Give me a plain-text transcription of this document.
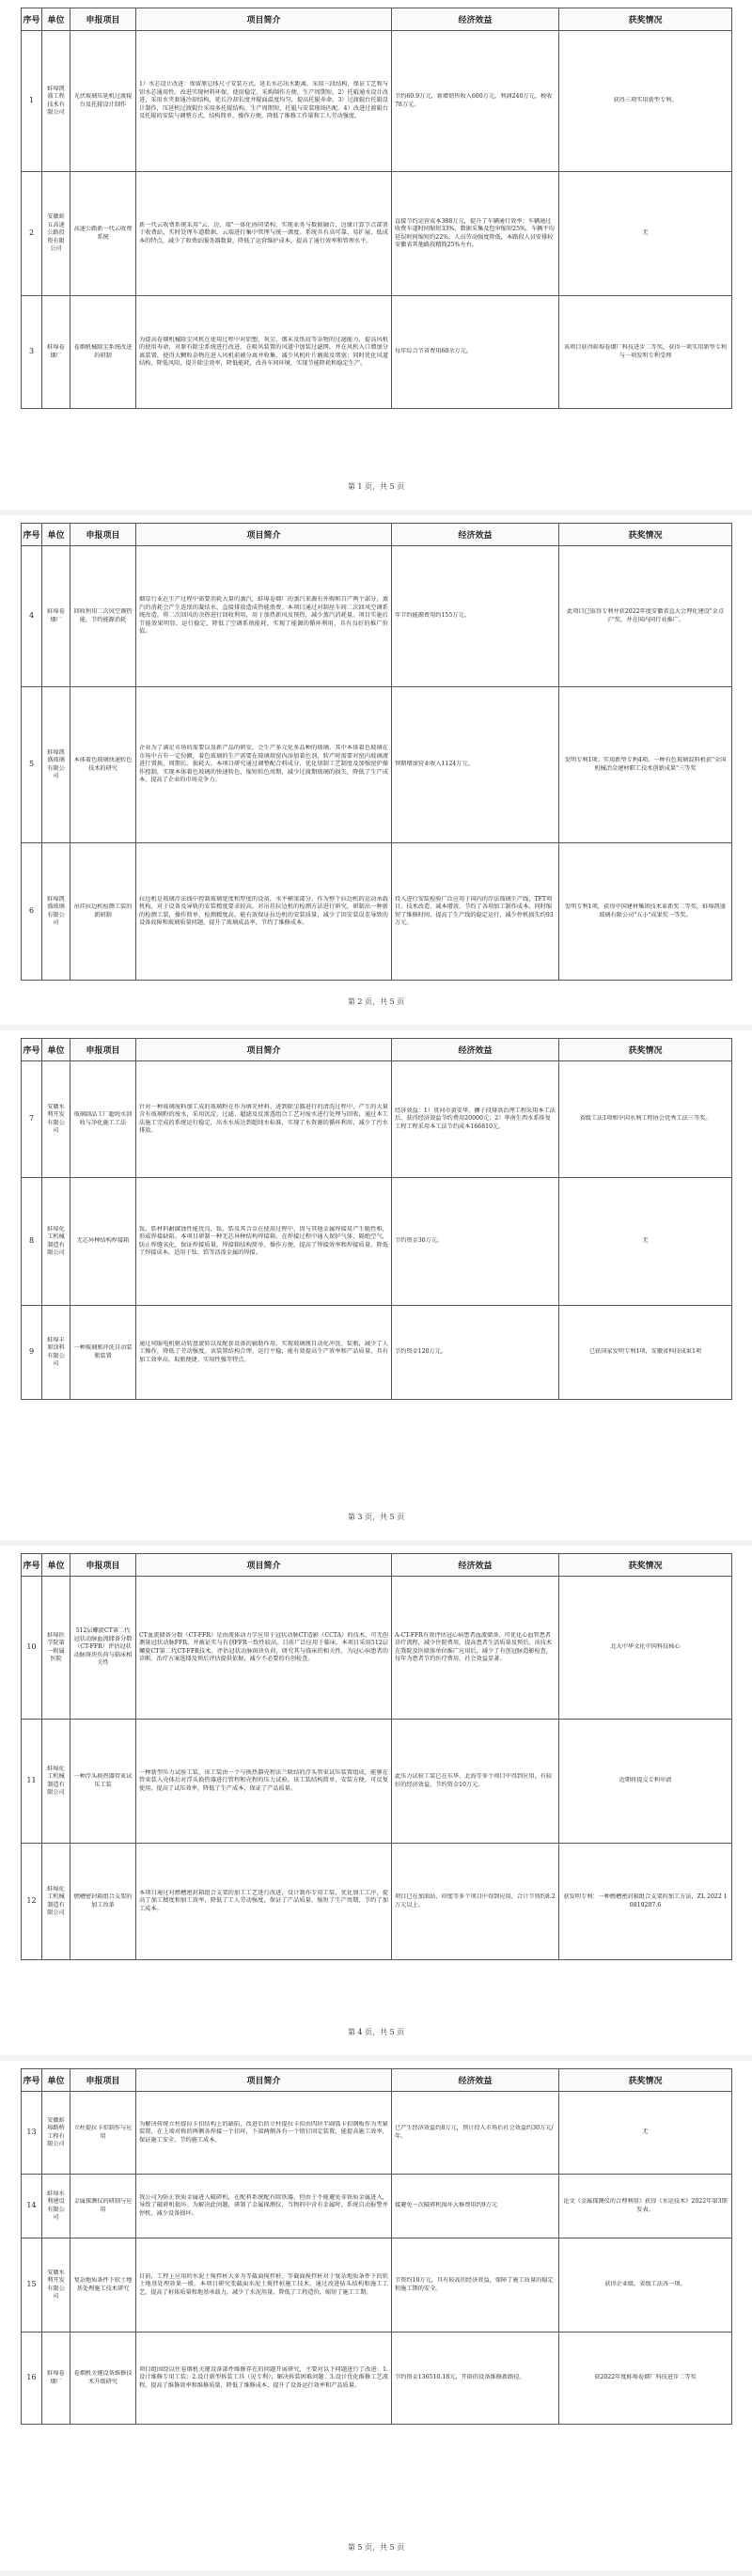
序号	单位	申报项目	项目简介	经济效益	获奖情况

1	蚌埠凯盛工程技术有限公司	光伏玻璃压延机过渡辊台及托辊设计制作	1）水芯设计改进：保留原总体尺寸安装方式，延长水芯出水距离，采用三段结构，保证工艺和与铝水芯通用性。改进实现材料环保、使用稳定、采购制作方便，生产周期短。2）托辊通水设计改进，采用水夹套通冷却结构，延长冷却长度并辊面温度均匀，提高托辊寿命。3）过渡辊台托辊设计制作，压延机过渡辊台采用多托辊结构，生产周期短，托辊与安装现场匹配。4）改进过渡辊台及托辊的安装与调整方式，结构简单，操作方便，降低了维修工作量和工人劳动强度。	节约60.9万元，新增销售收入600万元，利润240万元，税收78万元。	获得三项实用新型专利。

2	安徽蚌五高速公路投资有限公司	高速公路新一代云收费系统	新一代云收费系统采用"云、边、端"一体化协同架构，实现业务与数据融合，边缘计算节点部署于收费站，实时处理车道数据，云端进行集中管理与统一调度。系统具有高可靠、易扩展、低成本的特点，减少了收费站服务器数量，降低了运营维护成本，提高了通行效率和管理水平。	直接节约运营成本388万元，提升了车辆通行效率；车辆通过收费车道时间缩短33%，数据采集及包审缩短25%，车辆平均延误时间缩短约22%，人员劳动强度降低，本路段人员安排较安徽省其他路段精简25%左右。	无

3	蚌埠卷烟厂	卷烟机械除尘系统改进的研制	为提高卷烟机械除尘风机在使用过程中对铝塑、灰尘、烟末及纸屑等杂物的过滤能力，提高风机的使用寿命，对原有除尘系统进行改进。在吸风装置的风道中加装过滤网，并在风机入口增加分离装置，使得大颗粒杂物在进入风机前被分离并收集，减少风机叶片磨损及堵塞；同时优化风道结构，降低风阻，提升除尘效率，降低能耗，改善车间环境，实现节能降耗和稳定生产。	每年综合节省费用60余万元。	该项目获得蚌埠卷烟厂科技进步二等奖，获得一项实用新型专利与一项发明专利受理
第 1 页，共 5 页
序号	单位	申报项目	项目简介	经济效益	获奖情况

4	蚌埠卷烟厂	回收利用二次风空调热能，节约能源消耗	烟草行业在生产过程中需要消耗大量的蒸汽，蚌埠卷烟厂的蒸汽来源有外购和自产两个部分，蒸汽的消耗会产生连续的凝结水，直接排放造成热能浪费。本项目通过对制丝车间二次回风空调系统改造，将二次回风的余热进行回收利用，用于加热新风及预热，减少蒸汽消耗量。项目实施后节能效果明显，运行稳定，降低了空调系统能耗，实现了能源的循环利用，具有良好的推广价值。	年节约能源费用约155万元。	此项目已取得专利并获2022年度安徽省直大会理化建设"金点子"奖，并在国内同行业推广。

5	蚌埠凯盛玻璃有限公司	本体着色玻璃快速转色技术的研究	企业为了满足市场的需要以及新产品的研发，会生产多元化多品种的玻璃。其中本体着色玻璃在市场中占有一定份额，着色玻璃的生产需要在玻璃熔窑内添加着色剂，转产时需要对窑内玻璃液进行置换，周期长、损耗大。本项目研究通过调整配合料成分、优化熔制工艺制度及加强窑炉操作控制，实现本体着色玻璃的快速转色，缩短转色周期，减少过渡期玻璃的损失，降低了生产成本，提高了企业的市场竞争力。	预期增加营业收入1124万元。	发明专利1项；实用新型专利4项。一种有色玻璃混料机获"全国机械冶金建材职工技术创新成果"三等奖

6	蚌埠凯盛玻璃有限公司	吊挂拉边机检测工装的新研制	拉边机是玻璃浮法线中控制玻璃宽度和厚度的设备，水平横梁部分，作为整个拉边机的运动承载机构，对于设备及导轨的安装精度要求较高。对吊挂拉边机的检测方法进行研究，研制出一种新的检测工装，操作简单，检测精度高，能有效保证拉边机的安装质量，减少了因安装误差导致的设备故障和玻璃质量问题，提升了玻璃成品率，节约了维修成本。	投入进行安装检验广泛应用于国内的浮法玻璃生产线，TFT项目、技术改造、减本增效、节约了各项加工制作成本，同时缩短了维修时间，提高了生产线的稳定运行，减少停机损失约93万元。	发明专利1项，获得中国建材集团技术革新奖二等奖，蚌埠凯盛玻璃有限公司"五小"成果奖一等奖。
第 2 页，共 5 页
序号	单位	申报项目	项目简介	经济效益	获奖情况

7	安徽水利开发有限公司	玻璃制品工厂超纯水回收与净化施工工法	针对一种玻璃废料加工成的玻璃粉在作为填充材料、进到除尘器进行的清洗过程中，产生的大量含有玻璃粉的废水，采用沉淀、过滤、超滤及反渗透组合工艺对废水进行处理与回收，通过本工法施工完成的系统运行稳定，出水水质达到超纯水标准，实现了水资源的循环利用，减少了污水排放。	经济效益：1）贯河市黄安华、狮子段排洪治理工程采用本工法后，获得经济效益节约费用20000元；2）华南生西水系排复工程工程采用本工法节约成本166810元。	省级工法1项和中国水利工程协会优秀工法三等奖。

8	蚌埠化工机械制造有限公司	无芯异种结构焊接箱	钛、锆材料耐腐蚀性能优良，钛、锆及其合金在使用过程中，因与其他金属焊接易产生脆性相，形成焊接缺陷。本项目研制一种无芯异种结构焊接箱，在焊接过程中通入保护气体，隔绝空气，防止焊缝氧化，保证焊接质量。焊接箱结构简单、操作方便，提高了焊接效率和焊接质量，降低了焊接成本，适用于钛、锆等活泼金属的焊接。	节约资金30万元。	无

9	蚌埠丰原涂料有限公司	一种玻璃瓶冲洗自动装瓶装置	通过伺服电机驱动转盘旋转以及配套设备的辅助作用，实现玻璃瓶自动化冲洗、装瓶，减少了人工操作，降低了劳动强度。该装置结构合理、运行平稳，能有效提高生产效率和产品质量，具有加工效率高、取瓶便捷、实用性强等特点。	节约资金120万元。	已获国家发明专利1项，安徽省科技成果1项
第 3 页，共 5 页
序号	单位	申报项目	项目简介	经济效益	获奖情况

10	蚌埠医学院第一附属医院	512层螺旋CT第二代冠状动脉血流储备分数（CT-FFR）评估冠状动脉斑块负荷与临床相关性	CT血流储备分数（CT-FFR）是由流体动力学应用于冠状动脉CT造影（CCTA）的技术，可无创测量冠状动脉FFR，并被证实与有创FFR一致性较高。目前广泛应用于临床。本项目采用512层螺旋CT第二代CT-FFR技术，评估冠状动脉斑块负荷，研究其与临床的相关性，为冠心病患者的诊断、治疗方案选择及预后评估提供依据，减少不必要的有创检查。	A-CT-FFR有效评估冠心病患者血流储备，可优化心血管患者诊疗流程，减少住院费用，提高患者生活质量及预后。该技术在我院及医联体单位推广应用后，减少了有创冠脉造影检查，每年为患者节约医疗费用，社会效益显著。	北大中华文化中国科技核心

11	蚌埠化工机械制造有限公司	一种浮头换热器管束试压工装	一种新型压力试验工装，该工装由一个与换热器壳程法兰联结的浮头管束试压装置组成，能够在管束装入壳体后对浮头换热器进行管程和壳程的压力试验。该工装结构简单，安装方便，可反复使用，提高了试压效率，降低了生产成本，保证了产品质量。	此压力试验工装已在东华、北海等多个项目中得到应用，有较好的经济效益。节约资金10万元。	近期将提交专利申请

12	蚌埠化工机械制造有限公司	燃槽密封箱组合支架的加工改革	本项目通过对燃槽密封箱组合支架的加工工艺进行改进，设计制作专用工装，优化加工工序，提高了加工精度和加工效率，降低了工人劳动强度，保证了产品质量，缩短了生产周期，节约了加工成本。	项目已在加油站、印度等多个项目中得到应用，合计节资约8.2万元以上。	获发明专利：一种燃槽密封箱组合支架的加工方法，ZL 2022 1 0819207.6
第 4 页，共 5 页
序号	单位	申报项目	项目简介	经济效益	获奖情况

13	安徽蚌埠路桥工程有限公司	立柱提拉卡扣制作与应用	为解决传统立柱提拉卡扣结构上的缺陷，改进后的立柱提拉卡扣由四块半圆弧卡扣钢板作为夹紧装置，在上端对称的两侧各焊接一个扣环，下端两侧各有一个销钉固定装置，能提高施工效率，保证施工安全，节约施工成本。	已产生经济效益约8万元，预计投入市场后社会效益约30万元/年。	无

14	蚌埠水利建设有限公司	金属探测仪的研制与应用	我公司为防止铁质金属进入破碎机，在配料系统配有除铁器，但由于不能避免非铁质金属进入，导致了破碎机损坏。为解决此问题，研制了金属探测仪，当物料中含有金属时，系统自动报警并停机，减少设备损坏。	接避免一次破碎机损坏大修费用约9万元	论文《金属探测仪的合理利用》获得《水运技术》2022年第3期发表。

15	安徽水利开发有限公司	复杂地质条件下软土地基处理施工技术研究	目前，工程上应用的水泥土搅拌桩大多为等截面搅拌桩。等截面搅拌桩对于复杂地质条件下的软土地基处理效果一般。本项目研究变截面水泥土搅拌桩施工技术，通过改进钻头结构和施工工艺，提高了桩体质量和地基承载力，减少了水泥用量，降低了工程造价，缩短了施工工期。	节资约10万元，具有较高的经济效益，保障了施工质量的稳定和施工期的安全。	获得企业级、省级工法各一项。

16	蚌埠卷烟厂	卷烟机关键设备维修技术升级研究	项目组围绕以往卷烟机关键设备部件维修存在的问题开展研究，主要对以下问题进行了改进：1.设计维修专用工装；2.设计新型拆装工具（见专利），解决拆装困难问题；3.设计优化维修工艺流程，提高了维修效率和维修质量，降低了维修成本，提升了设备运行效率和产品质量。	节约资金136510.18元，开辟的设备维修新路径。	获2022年度蚌埠卷烟厂科技进步二等奖
第 5 页，共 5 页
